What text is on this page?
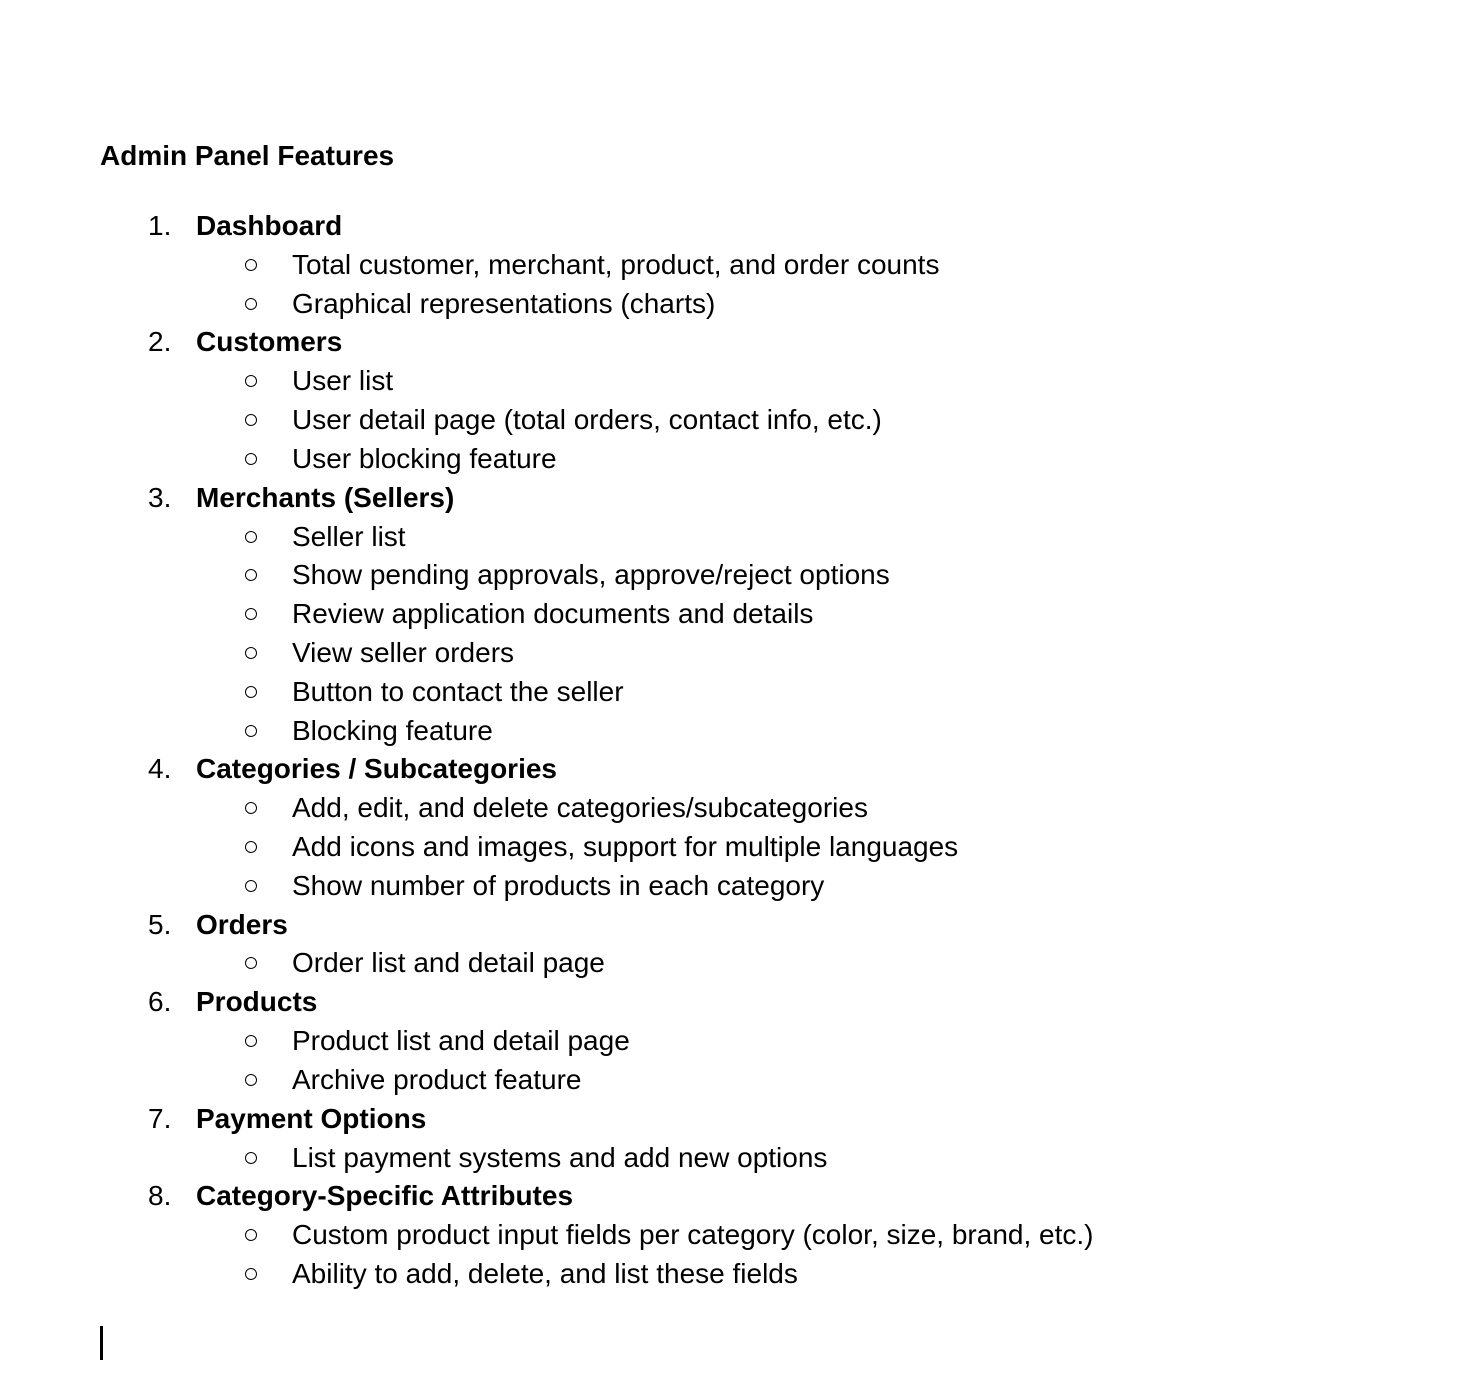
Admin Panel Features
1. Dashboard
Total customer, merchant, product, and order counts
Graphical representations (charts)
2. Customers
User list
User detail page (total orders, contact info, etc.)
User blocking feature
3. Merchants (Sellers)
Seller list
Show pending approvals, approve/reject options
Review application documents and details
View seller orders
Button to contact the seller
Blocking feature
4. Categories / Subcategories
Add, edit, and delete categories/subcategories
Add icons and images, support for multiple languages
Show number of products in each category
5. Orders
Order list and detail page
6. Products
Product list and detail page
Archive product feature
7. Payment Options
List payment systems and add new options
8. Category-Specific Attributes
Custom product input fields per category (color, size, brand, etc.)
Ability to add, delete, and list these fields
